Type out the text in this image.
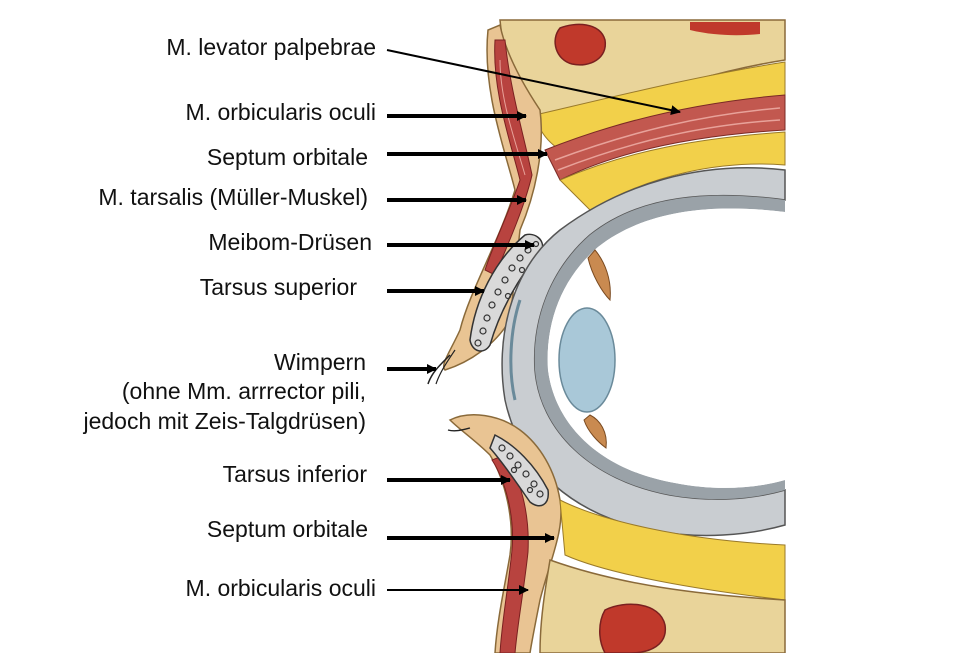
M. levator palpebrae
M. orbicularis oculi
Septum orbitale
M. tarsalis (Müller-Muskel)
Meibom-Drüsen
Tarsus superior
Wimpern
(ohne Mm. arrrector pili,
jedoch mit Zeis-Talgdrüsen)
Tarsus inferior
Septum orbitale
M. orbicularis oculi
